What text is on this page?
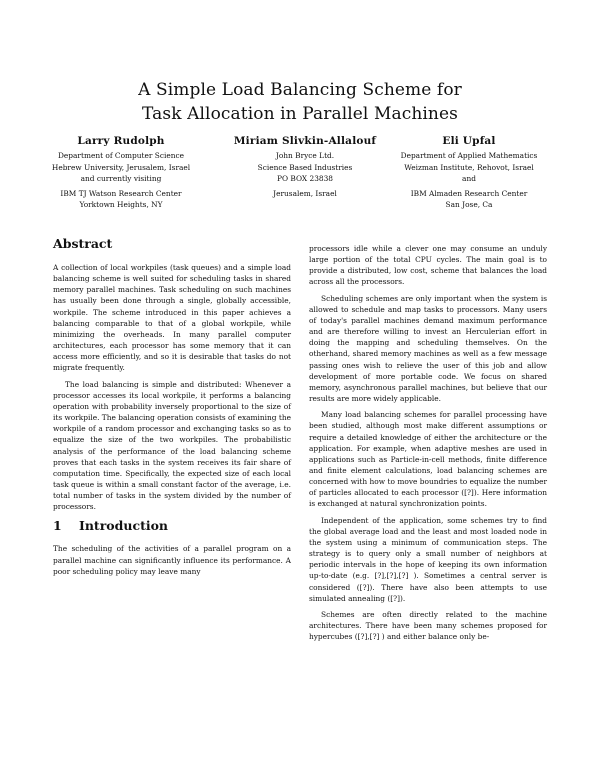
A Simple Load Balancing Scheme for
Task Allocation in Parallel Machines
Larry Rudolph
Department of Computer Science
Hebrew University, Jerusalem, Israel
and currently visiting
IBM TJ Watson Research Center
Yorktown Heights, NY
Miriam Slivkin-Allalouf
John Bryce Ltd.
Science Based Industries
PO BOX 23838
Jerusalem, Israel
Eli Upfal
Department of Applied Mathematics
Weizman Institute, Rehovot, Israel
and
IBM Almaden Research Center
San Jose, Ca
Abstract

A collection of local workpiles (task queues) and a simple load balancing scheme is well suited for scheduling tasks in shared memory parallel machines. Task scheduling on such machines has usually been done through a single, globally accessible, workpile. The scheme introduced in this paper achieves a balancing comparable to that of a global workpile, while minimizing the overheads. In many parallel computer architectures, each processor has some memory that it can access more efficiently, and so it is desirable that tasks do not migrate frequently.

The load balancing is simple and distributed: Whenever a processor accesses its local workpile, it performs a balancing operation with probability inversely proportional to the size of its workpile. The balancing operation consists of examining the workpile of a random processor and exchanging tasks so as to equalize the size of the two workpiles. The probabilistic analysis of the performance of the load balancing scheme proves that each tasks in the system receives its fair share of computation time. Specifically, the expected size of each local task queue is within a small constant factor of the average, i.e. total number of tasks in the system divided by the number of processors.

1 Introduction

The scheduling of the activities of a parallel program on a parallel machine can significantly influence its performance. A poor scheduling policy may leave many

processors idle while a clever one may consume an unduly large portion of the total CPU cycles. The main goal is to provide a distributed, low cost, scheme that balances the load across all the processors.

Scheduling schemes are only important when the system is allowed to schedule and map tasks to processors. Many users of today's parallel machines demand maximum performance and are therefore willing to invest an Herculerian effort in doing the mapping and scheduling themselves. On the otherhand, shared memory machines as well as a few message passing ones wish to relieve the user of this job and allow development of more portable code. We focus on shared memory, asynchronous parallel machines, but believe that our results are more widely applicable.

Many load balancing schemes for parallel processing have been studied, although most make different assumptions or require a detailed knowledge of either the architecture or the application. For example, when adaptive meshes are used in applications such as Particle-in-cell methods, finite difference and finite element calculations, load balancing schemes are concerned with how to move boundries to equalize the number of particles allocated to each processor ([?]). Here information is exchanged at natural synchronization points.

Independent of the application, some schemes try to find the global average load and the least and most loaded node in the system using a minimum of communication steps. The strategy is to query only a small number of neighbors at periodic intervals in the hope of keeping its own information up-to-date (e.g. [?],[?],[?] ). Sometimes a central server is considered ([?]). There have also been attempts to use simulated annealing ([?]).

Schemes are often directly related to the machine architectures. There have been many schemes proposed for hypercubes ([?],[?] ) and either balance only be-
